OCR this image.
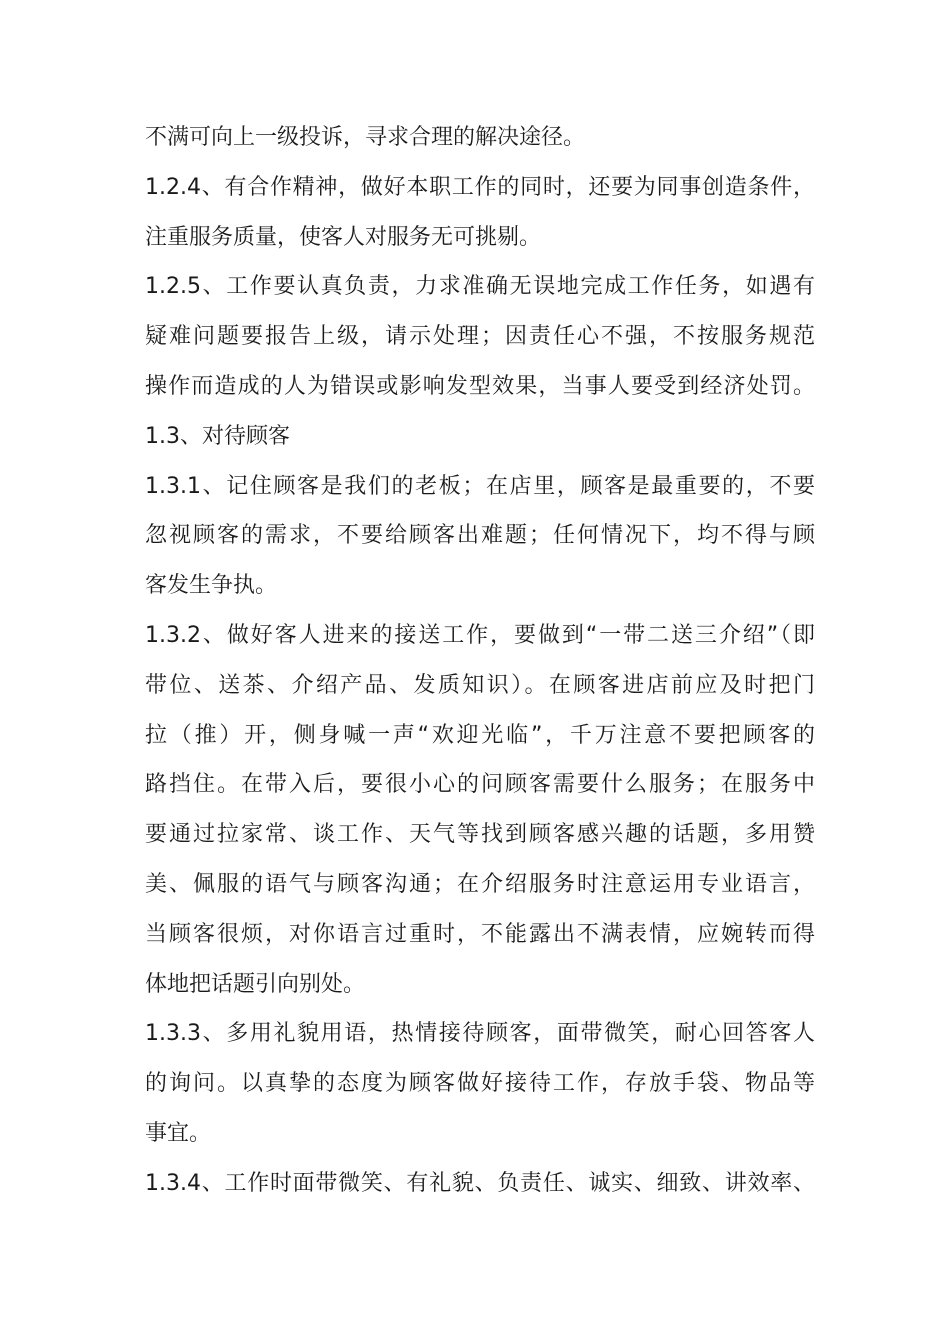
不满可向上一级投诉，寻求合理的解决途径。
1.2.4、有合作精神，做好本职工作的同时，还要为同事创造条件，
注重服务质量，使客人对服务无可挑剔。
1.2.5、工作要认真负责，力求准确无误地完成工作任务，如遇有
疑难问题要报告上级，请示处理；因责任心不强，不按服务规范
操作而造成的人为错误或影响发型效果，当事人要受到经济处罚。
1.3、对待顾客
1.3.1、记住顾客是我们的老板；在店里，顾客是最重要的，不要
忽视顾客的需求，不要给顾客出难题；任何情况下，均不得与顾
客发生争执。
1.3.2、做好客人进来的接送工作，要做到“一带二送三介绍”（即
带位、送茶、介绍产品、发质知识）。在顾客进店前应及时把门
拉（推）开，侧身喊一声“欢迎光临”，千万注意不要把顾客的
路挡住。在带入后，要很小心的问顾客需要什么服务；在服务中
要通过拉家常、谈工作、天气等找到顾客感兴趣的话题，多用赞
美、佩服的语气与顾客沟通；在介绍服务时注意运用专业语言，
当顾客很烦，对你语言过重时，不能露出不满表情，应婉转而得
体地把话题引向别处。
1.3.3、多用礼貌用语，热情接待顾客，面带微笑，耐心回答客人
的询问。以真挚的态度为顾客做好接待工作，存放手袋、物品等
事宜。
1.3.4、工作时面带微笑、有礼貌、负责任、诚实、细致、讲效率、
